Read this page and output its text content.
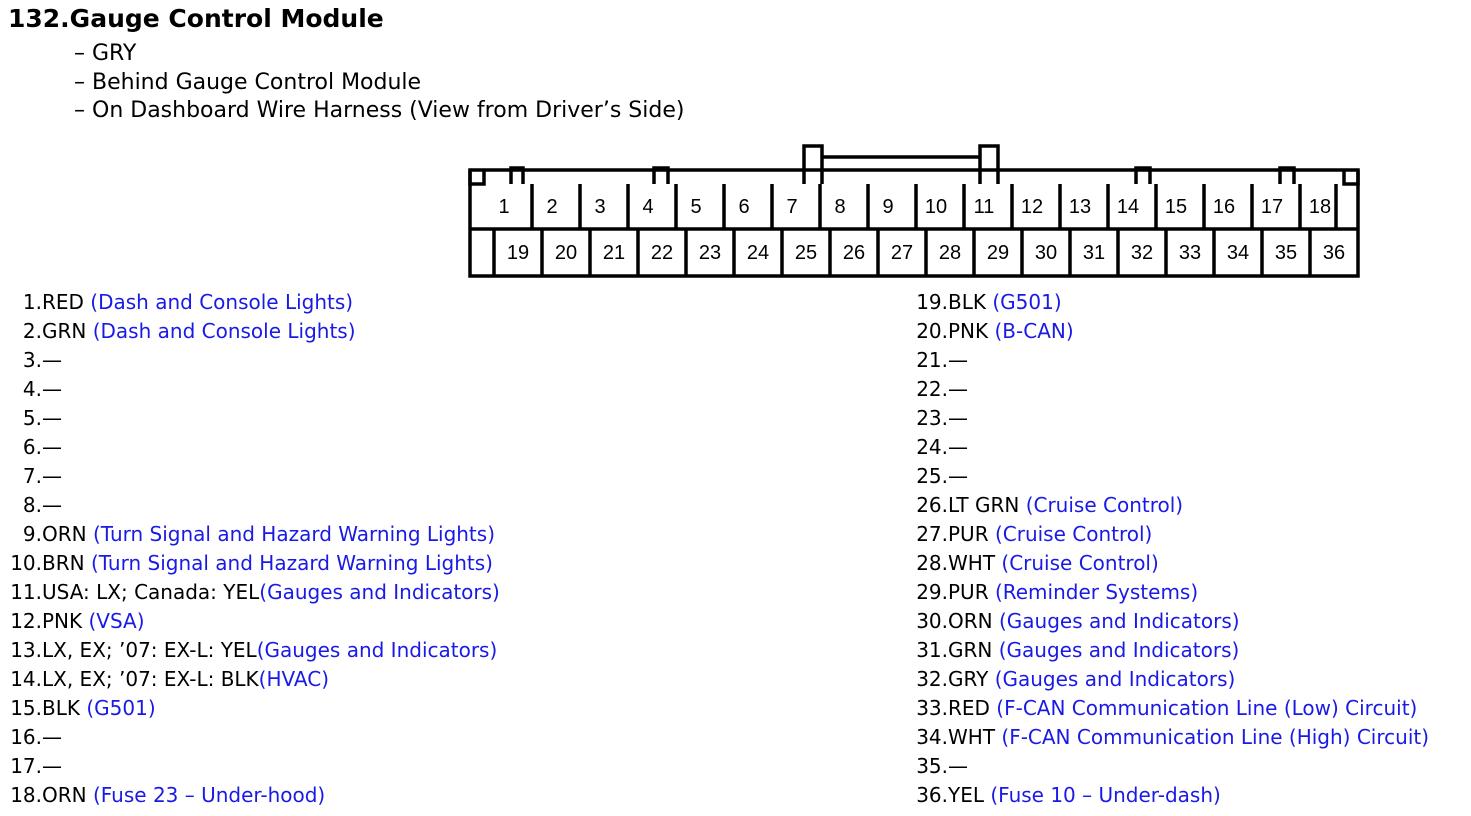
132.Gauge Control Module
– GRY
– Behind Gauge Control Module
– On Dashboard Wire Harness (View from Driver’s Side)
1 2 3 4 5 6 7 8 9 10 11 12 13 14 15 16 17 18
19 20 21 22 23 24 25 26 27 28 29 30 31 32 33 34 35 36
1.RED (Dash and Console Lights)
2.GRN (Dash and Console Lights)
3.—
4.—
5.—
6.—
7.—
8.—
9.ORN (Turn Signal and Hazard Warning Lights)
10.BRN (Turn Signal and Hazard Warning Lights)
11.USA: LX; Canada: YEL(Gauges and Indicators)
12.PNK (VSA)
13.LX, EX; ’07: EX-L: YEL(Gauges and Indicators)
14.LX, EX; ’07: EX-L: BLK(HVAC)
15.BLK (G501)
16.—
17.—
18.ORN (Fuse 23 – Under-hood)
19.BLK (G501)
20.PNK (B-CAN)
21.—
22.—
23.—
24.—
25.—
26.LT GRN (Cruise Control)
27.PUR (Cruise Control)
28.WHT (Cruise Control)
29.PUR (Reminder Systems)
30.ORN (Gauges and Indicators)
31.GRN (Gauges and Indicators)
32.GRY (Gauges and Indicators)
33.RED (F-CAN Communication Line (Low) Circuit)
34.WHT (F-CAN Communication Line (High) Circuit)
35.—
36.YEL (Fuse 10 – Under-dash)
